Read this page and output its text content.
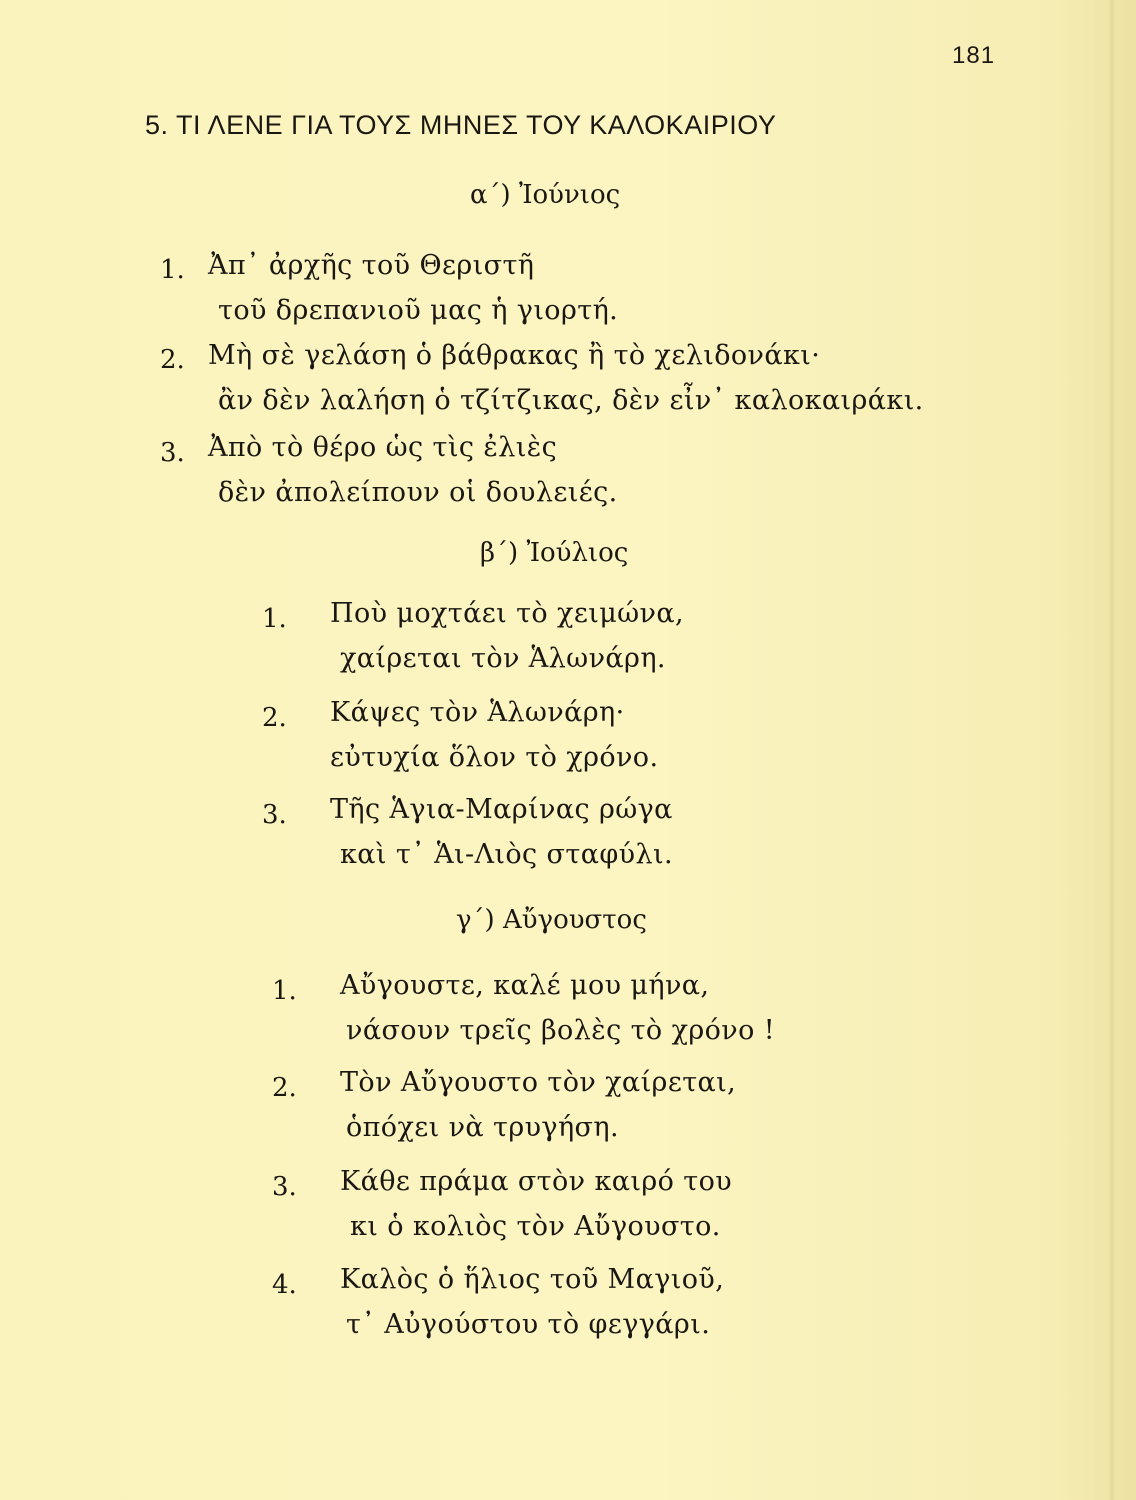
181
5. ΤΙ ΛΕΝΕ ΓΙΑ ΤΟΥΣ ΜΗΝΕΣ ΤΟΥ ΚΑΛΟΚΑΙΡΙΟΥ
α΄) Ἰούνιος
1. Ἀπ᾽ ἀρχῆς τοῦ Θεριστῆ
τοῦ δρεπανιοῦ μας ἡ γιορτή.
2. Μὴ σὲ γελάση ὁ βάθρακας ἢ τὸ χελιδονάκι·
ἂν δὲν λαλήση ὁ τζίτζικας, δὲν εἶν᾽ καλοκαιράκι.
3. Ἀπὸ τὸ θέρο ὡς τὶς ἐλιὲς
δὲν ἀπολείπουν οἱ δουλειές.
β΄) Ἰούλιος
1. Ποὺ μοχτάει τὸ χειμώνα,
χαίρεται τὸν Ἁλωνάρη.
2. Κάψες τὸν Ἁλωνάρη·
εὐτυχία ὅλον τὸ χρόνο.
3. Τῆς Ἁγια-Μαρίνας ρώγα
καὶ τ᾽ Ἁι-Λιὸς σταφύλι.
γ΄) Αὔγουστος
1. Αὔγουστε, καλέ μου μήνα,
νάσουν τρεῖς βολὲς τὸ χρόνο !
2. Τὸν Αὔγουστο τὸν χαίρεται,
ὁπόχει νὰ τρυγήση.
3. Κάθε πράμα στὸν καιρό του
κι ὁ κολιὸς τὸν Αὔγουστο.
4. Καλὸς ὁ ἥλιος τοῦ Μαγιοῦ,
τ᾽ Αὐγούστου τὸ φεγγάρι.
